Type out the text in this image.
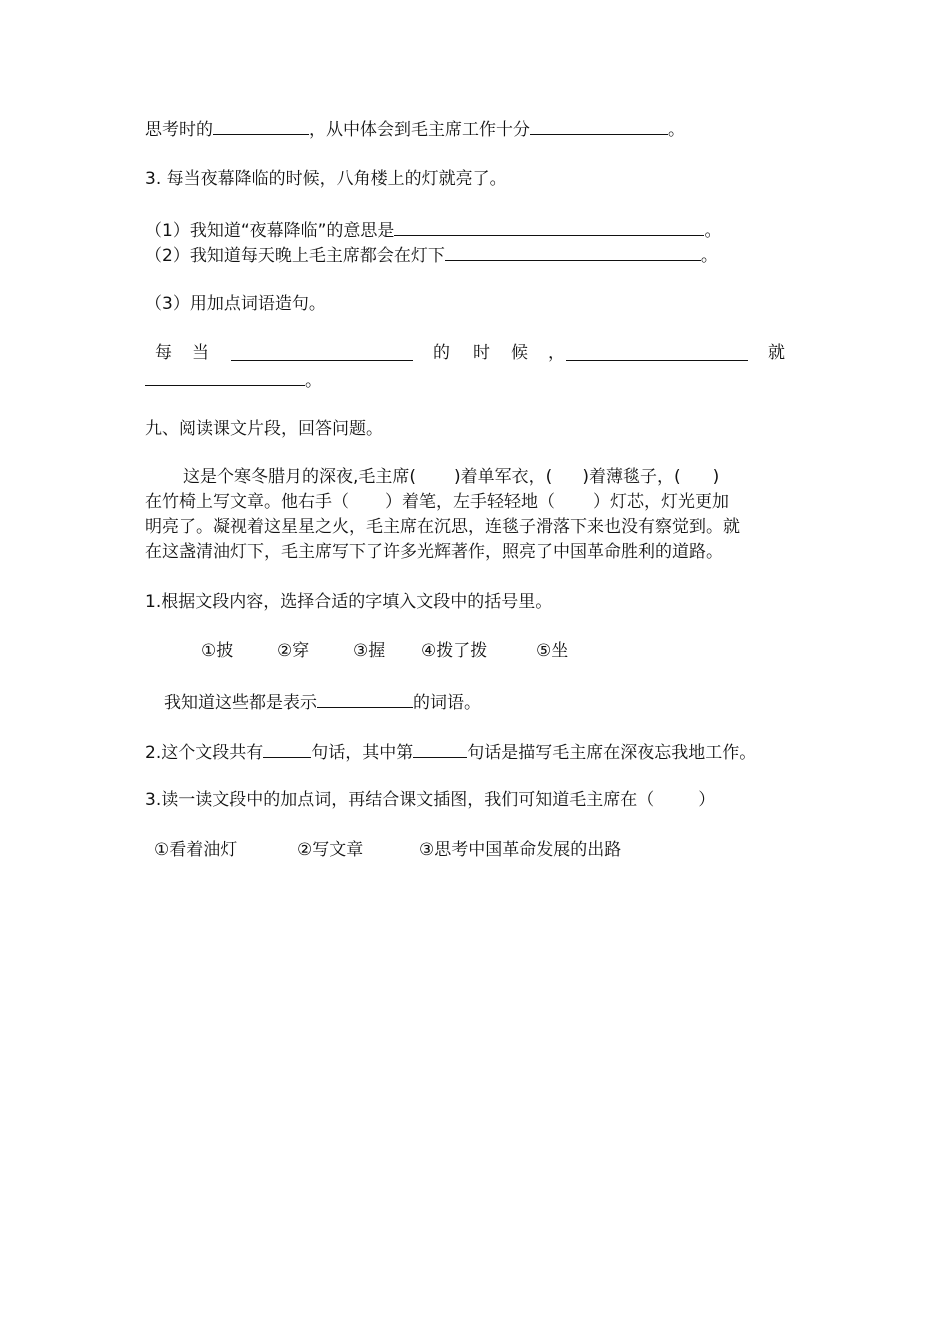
思考时的	，从中体会到毛主席工作十分	。
3. 每当夜幕降临的时候，八角楼上的灯就亮了。
（1）我知道“夜幕降临”的意思是	。
（2）我知道每天晚上毛主席都会在灯下	。
（3）用加点词语造句。
每 当	的 时 候 ，	就
。
九、阅读课文片段，回答问题。
这是个寒冬腊月的深夜,毛主席( )着单军衣，( )着薄毯子，( )
在竹椅上写文章。他右手（ ）着笔，左手轻轻地（ ）灯芯，灯光更加
明亮了。凝视着这星星之火，毛主席在沉思，连毯子滑落下来也没有察觉到。就
在这盏清油灯下，毛主席写下了许多光辉著作，照亮了中国革命胜利的道路。
1.根据文段内容，选择合适的字填入文段中的括号里。
①披	②穿	③握 ④拨了拨	⑤坐
我知道这些都是表示	的词语。
2.这个文段共有	句话，其中第	句话是描写毛主席在深夜忘我地工作。
3.读一读文段中的加点词，再结合课文插图，我们可知道毛主席在（	）
①看着油灯	②写文章	③思考中国革命发展的出路
